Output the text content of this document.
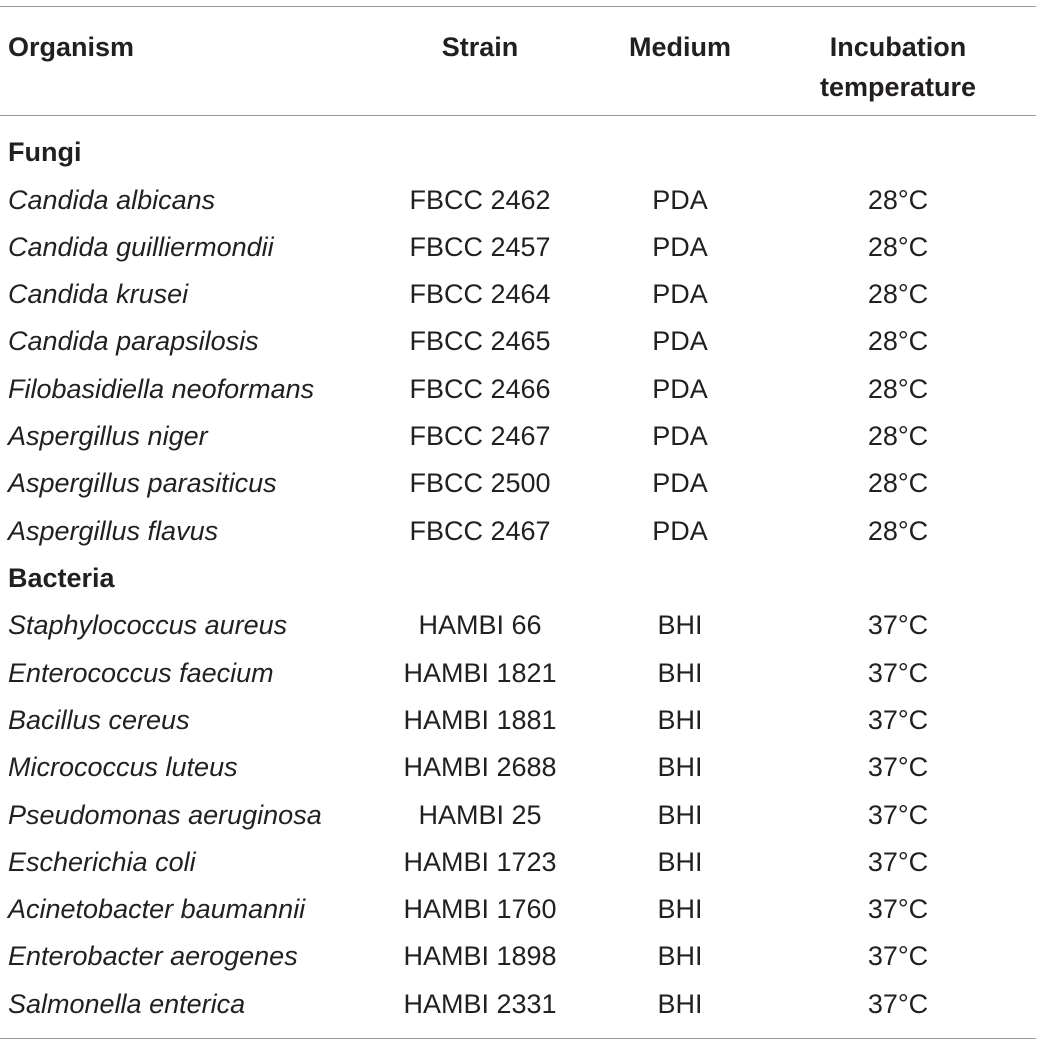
Organism	Strain	Medium	Incubation
temperature
Fungi
Candida albicans	FBCC 2462	PDA	28°C
Candida guilliermondii	FBCC 2457	PDA	28°C
Candida krusei	FBCC 2464	PDA	28°C
Candida parapsilosis	FBCC 2465	PDA	28°C
Filobasidiella neoformans	FBCC 2466	PDA	28°C
Aspergillus niger	FBCC 2467	PDA	28°C
Aspergillus parasiticus	FBCC 2500	PDA	28°C
Aspergillus flavus	FBCC 2467	PDA	28°C
Bacteria
Staphylococcus aureus	HAMBI 66	BHI	37°C
Enterococcus faecium	HAMBI 1821	BHI	37°C
Bacillus cereus	HAMBI 1881	BHI	37°C
Micrococcus luteus	HAMBI 2688	BHI	37°C
Pseudomonas aeruginosa	HAMBI 25	BHI	37°C
Escherichia coli	HAMBI 1723	BHI	37°C
Acinetobacter baumannii	HAMBI 1760	BHI	37°C
Enterobacter aerogenes	HAMBI 1898	BHI	37°C
Salmonella enterica	HAMBI 2331	BHI	37°C
